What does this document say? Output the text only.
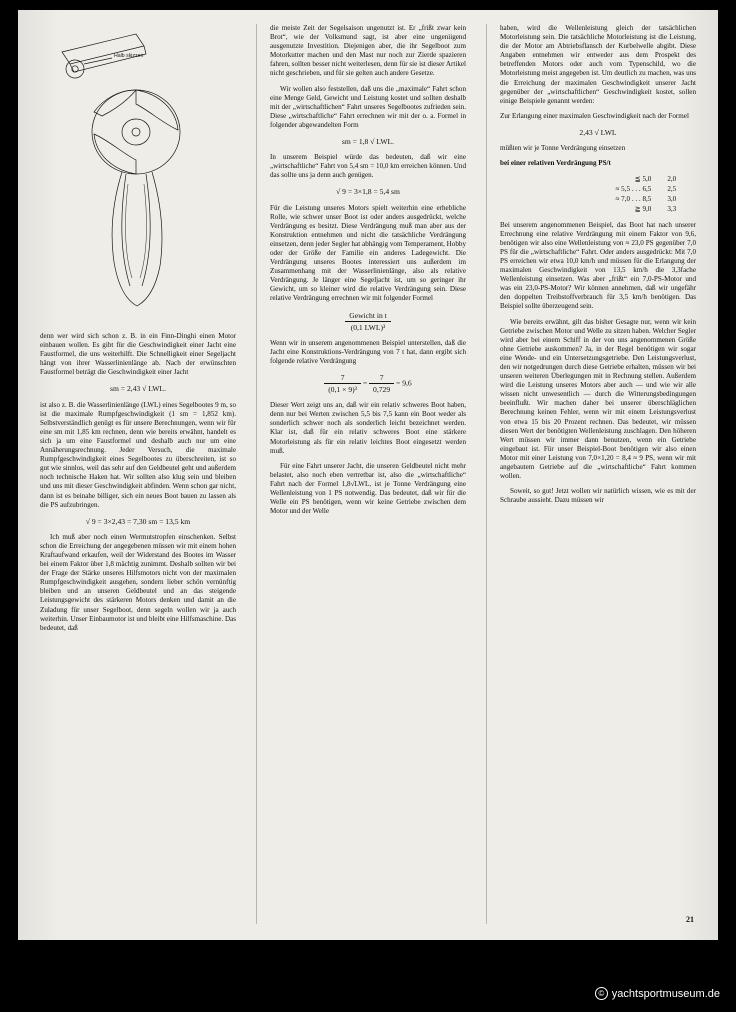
Halb skizzen

denn wer wird sich schon z. B. in ein Finn-Dinghi einen Motor einbauen wollen. Es gibt für die Geschwindigkeit einer Jacht eine Faustformel, die uns weiterhilft. Die Schnelligkeit einer Segeljacht hängt von ihrer Wasserlinienlänge ab. Nach der erwünschten Faustformel beträgt die Geschwindigkeit einer Jacht

sm = 2,43 √ LWL.

ist also z. B. die Wasserlinienlänge (LWL) eines Segelbootes 9 m, so ist die maximale Rumpfgeschwindigkeit (1 sm = 1,852 km). Selbstverständlich genügt es für unsere Berechnungen, wenn wir für eine sm mit 1,85 km rechnen, denn wie bereits erwähnt, handelt es sich ja um eine Faustformel und deshalb auch nur um eine Annäherungsrechnung. Jeder Versuch, die maximale Rumpfgeschwindigkeit eines Segelbootes zu überschreiten, ist so gut wie sinnlos, weil das sehr auf den Geldbeutel geht und außerdem noch technische Haken hat. Wir sollten also klug sein und bleiben und uns mit dieser Geschwindigkeit abfinden. Wenn schon gar nicht, dann ist es beinahe billiger, sich ein neues Boot bauen zu lassen als die PS aufzubringen.

√ 9 = 3×2,43 = 7,30 sm = 13,5 km

Ich muß aber noch einen Wermutstropfen einschenken. Selbst schon die Erreichung der angegebenen müssen wir mit einem hohen Kraftaufwand erkaufen, weil der Widerstand des Bootes im Wasser bei einem Faktor über 1,8 mächtig zunimmt. Deshalb sollten wir bei der Frage der Stärke unseres Hilfsmotors nicht von der maximalen Rumpfgeschwindigkeit ausgehen, sondern lieber schön vernünftig bleiben und an unseren Geldbeutel und an das steigende Leistungsgewicht des stärkeren Motors denken und damit an die Zuladung für unser Segelboot, denn segeln wollen wir ja auch weiterhin. Unser Einbaumotor ist und bleibt eine Hilfsmaschine. Das bedeutet, daß

die meiste Zeit der Segelsaison ungenutzt ist. Er „frißt zwar kein Brot“, wie der Volksmund sagt, ist aber eine ungeniigend ausgenutzte Investition. Diejenigen aber, die ihr Segelboot zum Motorkutter machen und den Mast nur noch zur Zierde spazieren fahren, sollten besser nicht weiterlesen, denn für sie ist dieser Artikel nicht geschrieben, und für sie gelten auch andere Gesetze.

Wir wollen also feststellen, daß uns die „maximale“ Fahrt schon eine Menge Geld, Gewicht und Leistung kostet und sollten deshalb mit der „wirtschaftlichen“ Fahrt unseres Segelbootes zufrieden sein. Diese „wirtschaftliche“ Fahrt errechnen wir mit der o. a. Formel in folgender abgewandelten Form

sm = 1,8 √ LWL.

In unserem Beispiel würde das bedeuten, daß wir eine „wirtschaftliche“ Fahrt von 5,4 sm = 10,0 km erreichen können. Und das sollte uns ja denn auch genügen.

√ 9 = 3×1,8 = 5,4 sm

Für die Leistung unseres Motors spielt weiterhin eine erhebliche Rolle, wie schwer unser Boot ist oder anders ausgedrückt, welche Verdrängung es besitzt. Diese Verdrängung muß man aber aus der Konstruktion entnehmen und nicht die tatsächliche Verdrängung einsetzen, denn jeder Segler hat abhängig vom Temperament, Hobby oder der Größe der Familie ein anderes Ladegewicht. Die Verdrängung unseres Bootes interessiert uns außerdem im Zusammenhang mit der Wasserlinienlänge, also als relative Verdrängung. Je länger eine Segeljacht ist, um so geringer ihr Gewicht, um so kleiner wird die relative Verdrängung sein. Diese relative Verdrängung errechnen wir mit folgender Formel

$\frac{\text{Gewicht in t}}{\text{(0,1 LWL)³}}$

Wenn wir in unserem angenommenen Beispiel unterstellen, daß die Jacht eine Konstruktions-Verdrängung von 7 t hat, dann ergibt sich folgende relative Verdrängung

$\frac{7}{\text{(0,1 × 9)³}} = \frac{7}{0,729} = 9,6$

Dieser Wert zeigt uns an, daß wir ein relativ schweres Boot haben, denn nur bei Werten zwischen 5,5 bis 7,5 kann ein Boot weder als sonderlich schwer noch als sonderlich leicht bezeichnet werden. Klar ist, daß für ein relativ schweres Boot eine stärkere Motorleistung als für ein relativ leichtes Boot eingesetzt werden muß.

Für eine Fahrt unserer Jacht, die unseren Geldbeutel nicht mehr belastet, also noch eben vertretbar ist, also die „wirtschaftliche“ Fahrt nach der Formel 1,8√LWL, ist je Tonne Verdrängung eine Wellenleistung von 1 PS notwendig. Das bedeutet, daß wir für die Welle ein PS benötigen, wenn wir keine Getriebe zwischen dem Motor und der Welle

haben, wird die Wellenleistung gleich der tatsächlichen Motorleistung sein. Die tatsächliche Motorleistung ist die Leistung, die der Motor am Abtriebsflansch der Kurbelwelle abgibt. Diese Angaben entnehmen wir entweder aus dem Prospekt des betreffenden Motors oder auch vom Typenschild, wo die Motorleistung meist angegeben ist. Um deutlich zu machen, was uns die Erreichung der maximalen Geschwindigkeit unserer Jacht gegenüber der „wirtschaftlichen“ Geschwindigkeit kostet, sollen einige Beispiele genannt werden:

Zur Erlangung einer maximalen Geschwindigkeit nach der Formel

2,43 √ LWL

müßten wir je Tonne Verdrängung einsetzen

bei einer relativen Verdrängung PS/t

≦ 5,0	2,0
≈ 5,5 . . . 6,5	2,5
≈ 7,0 . . . 8,5	3,0
≧ 9,0	3,3

Bei unserem angenommenen Beispiel, das Boot hat nach unserer Errechnung eine relative Verdrängung mit einem Faktor von 9,6, benötigen wir also eine Wellenleistung von ≈ 23,0 PS gegenüber 7,0 PS für die „wirtschaftliche“ Fahrt. Oder anders ausgedrückt: Mit 7,0 PS erreichen wir etwa 10,0 km/h und müssen für die Erlangung der maximalen Geschwindigkeit von 13,5 km/h die 3,3fache Wellenleistung einsetzen. Was aber „frißt“ ein 7,0-PS-Motor und was ein 23,0-PS-Motor? Wir können annehmen, daß wir ungefähr den doppelten Treibstoffverbrauch für 3,5 km/h benötigen. Das Beispiel sollte überzeugend sein.

Wie bereits erwähnt, gilt das bisher Gesagte nur, wenn wir kein Getriebe zwischen Motor und Welle zu sitzen haben. Welcher Segler wird aber bei einem Schiff in der von uns angenommenen Größe ohne Getriebe auskommen? Ja, in der Regel benötigen wir sogar eine Wende- und ein Untersetzungsgetriebe. Den Leistungsverlust, den wir notgedrungen durch diese Getriebe erhalten, müssen wir bei unseren weiteren Überlegungen mit in Rechnung stellen. Außerdem wird die Leistung unseres Motors aber auch — und wie wir alle wissen nicht unwesentlich — durch die Witterungsbedingungen beeinflußt. Wir machen daher bei unserer überschläglichen Berechnung keinen Fehler, wenn wir mit einem Leistungsverlust von etwa 15 bis 20 Prozent rechnen. Das bedeutet, wir müssen diesen Wert der benötigten Wellenleistung zuschlagen. Den höheren Wert müssen wir immer dann benutzen, wenn ein Getriebe eingebaut ist. Für unser Beispiel-Boot benötigen wir also einen Motor mit einer Leistung von 7,0×1,20 = 8,4 ≈ 9 PS, wenn wir mit angebautem Getriebe auf die „wirtschaftliche“ Fahrt kommen wollen.

Soweit, so gut! Jetzt wollen wir natürlich wissen, wie es mit der Schraube aussieht. Dazu müssen wir

21
© yachtsportmuseum.de
